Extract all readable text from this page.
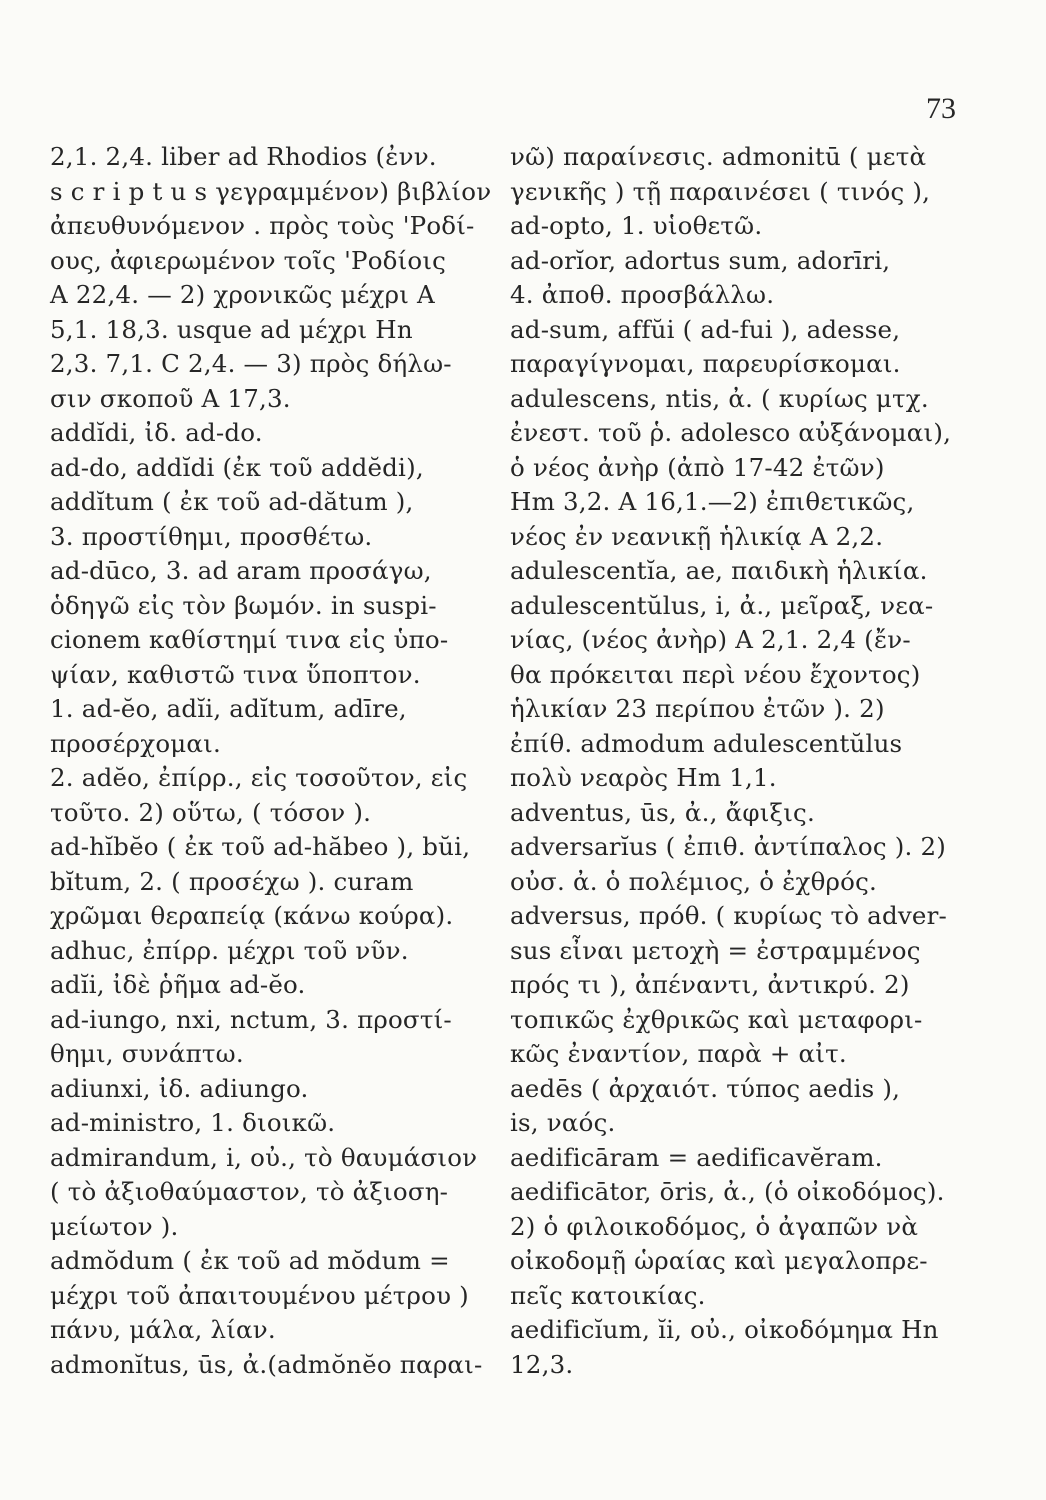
73
2,1. 2,4. liber ad Rhodios (ἐνν.
s c r i p t u s γεγραμμένον) βιβλίον
ἀπευθυνόμενον . πρὸς τοὺς 'Ροδί-
ους, ἀφιερωμένον τοῖς 'Ροδίοις
Α 22,4. — 2) χρονικῶς μέχρι Α
5,1. 18,3. usque ad μέχρι Hn
2,3. 7,1. C 2,4. — 3) πρὸς δήλω-
σιν σκοποῦ Α 17,3.
addĭdi, ἰδ. ad-do.
ad-do, addĭdi (ἐκ τοῦ addĕdi),
addĭtum ( ἐκ τοῦ ad-dătum ),
3. προστίθημι, προσθέτω.
ad-dūco, 3. ad aram προσάγω,
ὁδηγῶ εἰς τὸν βωμόν. in suspi-
cionem καθίστημί τινα εἰς ὑπο-
ψίαν, καθιστῶ τινα ὕποπτον.
1. ad-ĕo, adĭi, adĭtum, adīre,
προσέρχομαι.
2. adĕo, ἐπίρρ., εἰς τοσοῦτον, εἰς
τοῦτο. 2) οὕτω, ( τόσον ).
ad-hĭbĕo ( ἐκ τοῦ ad-hăbeo ), bŭi,
bĭtum, 2. ( προσέχω ). curam
χρῶμαι θεραπείᾳ (κάνω κούρα).
adhuc, ἐπίρρ. μέχρι τοῦ νῦν.
adĭi, ἰδὲ ῥῆμα ad-ĕo.
ad-iungo, nxi, nctum, 3. προστί-
θημι, συνάπτω.
adiunxi, ἰδ. adiungo.
ad-ministro, 1. διοικῶ.
admirandum, i, οὐ., τὸ θαυμάσιον
( τὸ ἀξιοθαύμαστον, τὸ ἀξιοση-
μείωτον ).
admŏdum ( ἐκ τοῦ ad mŏdum =
μέχρι τοῦ ἀπαιτουμένου μέτρου )
πάνυ, μάλα, λίαν.
admonĭtus, ūs, ἀ.(admŏnĕo παραι-
νῶ) παραίνεσις. admonitū ( μετὰ
γενικῆς ) τῇ παραινέσει ( τινός ),
ad-opto, 1. υἱοθετῶ.
ad-orĭor, adortus sum, adorīri,
4. ἀποθ. προσβάλλω.
ad-sum, affŭi ( ad-fui ), adesse,
παραγίγνομαι, παρευρίσκομαι.
adulescens, ntis, ἀ. ( κυρίως μτχ.
ἐνεστ. τοῦ ῥ. adolesco αὐξάνομαι),
ὁ νέος ἀνὴρ (ἀπὸ 17-42 ἐτῶν)
Hm 3,2. Α 16,1.—2) ἐπιθετικῶς,
νέος ἐν νεανικῇ ἡλικίᾳ Α 2,2.
adulescentĭa, ae, παιδικὴ ἡλικία.
adulescentŭlus, i, ἀ., μεῖραξ, νεα-
νίας, (νέος ἀνὴρ) Α 2,1. 2,4 (ἔν-
θα πρόκειται περὶ νέου ἔχοντος)
ἡλικίαν 23 περίπου ἐτῶν ). 2)
ἐπίθ. admodum adulescentŭlus
πολὺ νεαρὸς Hm 1,1.
adventus, ūs, ἀ., ἄφιξις.
adversarĭus ( ἐπιθ. ἀντίπαλος ). 2)
οὐσ. ἀ. ὁ πολέμιος, ὁ ἐχθρός.
adversus, πρόθ. ( κυρίως τὸ adver-
sus εἶναι μετοχὴ = ἐστραμμένος
πρός τι ), ἀπέναντι, ἀντικρύ. 2)
τοπικῶς ἐχθρικῶς καὶ μεταφορι-
κῶς ἐναντίον, παρὰ + αἰτ.
aedēs ( ἀρχαιότ. τύπος aedis ),
is, ναός.
aedificāram = aedificavĕram.
aedificātor, ōris, ἀ., (ὁ οἰκοδόμος).
2) ὁ φιλοικοδόμος, ὁ ἀγαπῶν νὰ
οἰκοδομῇ ὡραίας καὶ μεγαλοπρε-
πεῖς κατοικίας.
aedificĭum, ĭi, οὐ., οἰκοδόμημα Hn
12,3.
